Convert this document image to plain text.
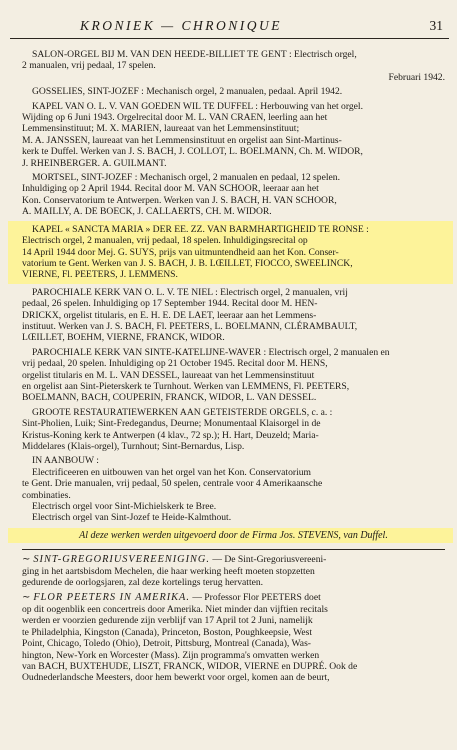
KRONIEK — CHRONIQUE	31
SALON-ORGEL BIJ M. VAN DEN HEEDE-BILLIET TE GENT : Electrisch orgel,
2 manualen, vrij pedaal, 17 spelen.
Februari 1942.
GOSSELIES, SINT-JOZEF : Mechanisch orgel, 2 manualen, pedaal. April 1942.
KAPEL VAN O. L. V. VAN GOEDEN WIL TE DUFFEL : Herbouwing van het orgel.
Wijding op 6 Juni 1943. Orgelrecital door M. L. VAN CRAEN, leerling aan het
Lemmensinstituut; M. X. MARIEN, laureaat van het Lemmensinstituut;
M. A. JANSSEN, laureaat van het Lemmensinstituut en orgelist aan Sint-Martinus-
kerk te Duffel. Werken van J. S. BACH, J. COLLOT, L. BOELMANN, Ch. M. WIDOR,
J. RHEINBERGER. A. GUILMANT.
MORTSEL, SINT-JOZEF : Mechanisch orgel, 2 manualen en pedaal, 12 spelen.
Inhuldiging op 2 April 1944. Recital door M. VAN SCHOOR, leeraar aan het
Kon. Conservatorium te Antwerpen. Werken van J. S. BACH, H. VAN SCHOOR,
A. MAILLY, A. DE BOECK, J. CALLAERTS, CH. M. WIDOR.
KAPEL « SANCTA MARIA » DER EE. ZZ. VAN BARMHARTIGHEID TE RONSE :
Electrisch orgel, 2 manualen, vrij pedaal, 18 spelen. Inhuldigingsrecital op
14 April 1944 door Mej. G. SUYS, prijs van uitmuntendheid aan het Kon. Conser-
vatorium te Gent. Werken van J. S. BACH, J. B. LŒILLET, FIOCCO, SWEELINCK,
VIERNE, Fl. PEETERS, J. LEMMENS.
PAROCHIALE KERK VAN O. L. V. TE NIEL : Electrisch orgel, 2 manualen, vrij
pedaal, 26 spelen. Inhuldiging op 17 September 1944. Recital door M. HEN-
DRICKX, orgelist titularis, en E. H. E. DE LAET, leeraar aan het Lemmens-
instituut. Werken van J. S. BACH, Fl. PEETERS, L. BOELMANN, CLÉRAMBAULT,
LŒILLET, BOEHM, VIERNE, FRANCK, WIDOR.
PAROCHIALE KERK VAN SINTE-KATELIJNE-WAVER : Electrisch orgel, 2 manualen en
vrij pedaal, 20 spelen. Inhuldiging op 21 October 1945. Recital door M. HENS,
orgelist titularis en M. L. VAN DESSEL, laureaat van het Lemmensinstituut
en orgelist aan Sint-Pieterskerk te Turnhout. Werken van LEMMENS, Fl. PEETERS,
BOELMANN, BACH, COUPERIN, FRANCK, WIDOR, L. VAN DESSEL.
GROOTE RESTAURATIEWERKEN AAN GETEISTERDE ORGELS, c. a. :
Sint-Pholien, Luik; Sint-Fredegandus, Deurne; Monumentaal Klaisorgel in de
Kristus-Koning kerk te Antwerpen (4 klav., 72 sp.); H. Hart, Deuzeld; Maria-
Middelares (Klais-orgel), Turnhout; Sint-Bernardus, Lisp.
IN AANBOUW :
Electrificeeren en uitbouwen van het orgel van het Kon. Conservatorium
te Gent. Drie manualen, vrij pedaal, 50 spelen, centrale voor 4 Amerikaansche
combinaties.
Electrisch orgel voor Sint-Michielskerk te Bree.
Electrisch orgel van Sint-Jozef te Heide-Kalmthout.
Al deze werken werden uitgevoerd door de Firma Jos. STEVENS, van Duffel.
∼ SINT-GREGORIUSVEREENIGING. — De Sint-Gregoriusvereeni-
ging in het aartsbisdom Mechelen, die haar werking heeft moeten stopzetten
gedurende de oorlogsjaren, zal deze kortelings terug hervatten.
∼ FLOR PEETERS IN AMERIKA. — Professor Flor PEETERS doet
op dit oogenblik een concertreis door Amerika. Niet minder dan vijftien recitals
werden er voorzien gedurende zijn verblijf van 17 April tot 2 Juni, namelijk
te Philadelphia, Kingston (Canada), Princeton, Boston, Poughkeepsie, West
Point, Chicago, Toledo (Ohio), Detroit, Pittsburg, Montreal (Canada), Was-
hington, New-York en Worcester (Mass). Zijn programma's omvatten werken
van BACH, BUXTEHUDE, LISZT, FRANCK, WIDOR, VIERNE en DUPRÉ. Ook de
Oudnederlandsche Meesters, door hem bewerkt voor orgel, komen aan de beurt,
